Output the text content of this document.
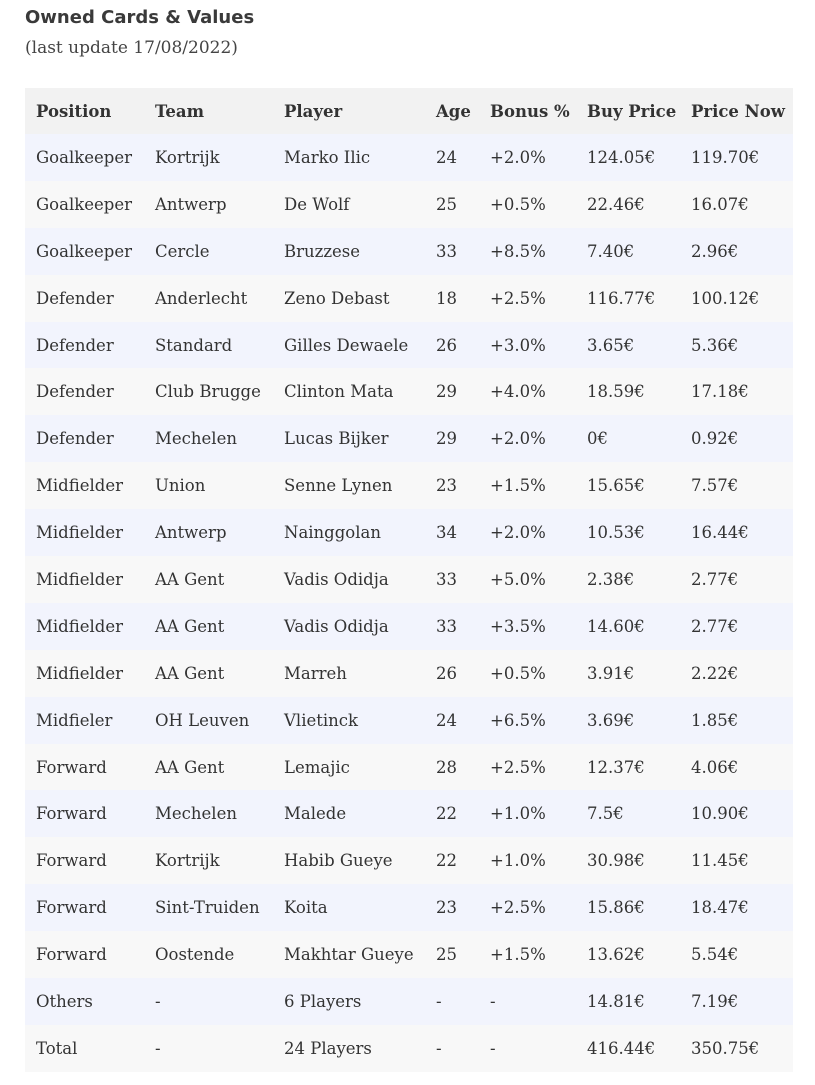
Owned Cards & Values
(last update 17/08/2022)
Position	Team	Player	Age	Bonus %	Buy Price	Price Now
Goalkeeper	Kortrijk	Marko Ilic	24	+2.0%	124.05€	119.70€
Goalkeeper	Antwerp	De Wolf	25	+0.5%	22.46€	16.07€
Goalkeeper	Cercle	Bruzzese	33	+8.5%	7.40€	2.96€
Defender	Anderlecht	Zeno Debast	18	+2.5%	116.77€	100.12€
Defender	Standard	Gilles Dewaele	26	+3.0%	3.65€	5.36€
Defender	Club Brugge	Clinton Mata	29	+4.0%	18.59€	17.18€
Defender	Mechelen	Lucas Bijker	29	+2.0%	0€	0.92€
Midfielder	Union	Senne Lynen	23	+1.5%	15.65€	7.57€
Midfielder	Antwerp	Nainggolan	34	+2.0%	10.53€	16.44€
Midfielder	AA Gent	Vadis Odidja	33	+5.0%	2.38€	2.77€
Midfielder	AA Gent	Vadis Odidja	33	+3.5%	14.60€	2.77€
Midfielder	AA Gent	Marreh	26	+0.5%	3.91€	2.22€
Midfieler	OH Leuven	Vlietinck	24	+6.5%	3.69€	1.85€
Forward	AA Gent	Lemajic	28	+2.5%	12.37€	4.06€
Forward	Mechelen	Malede	22	+1.0%	7.5€	10.90€
Forward	Kortrijk	Habib Gueye	22	+1.0%	30.98€	11.45€
Forward	Sint-Truiden	Koita	23	+2.5%	15.86€	18.47€
Forward	Oostende	Makhtar Gueye	25	+1.5%	13.62€	5.54€
Others	-	6 Players	-	-	14.81€	7.19€
Total	-	24 Players	-	-	416.44€	350.75€
